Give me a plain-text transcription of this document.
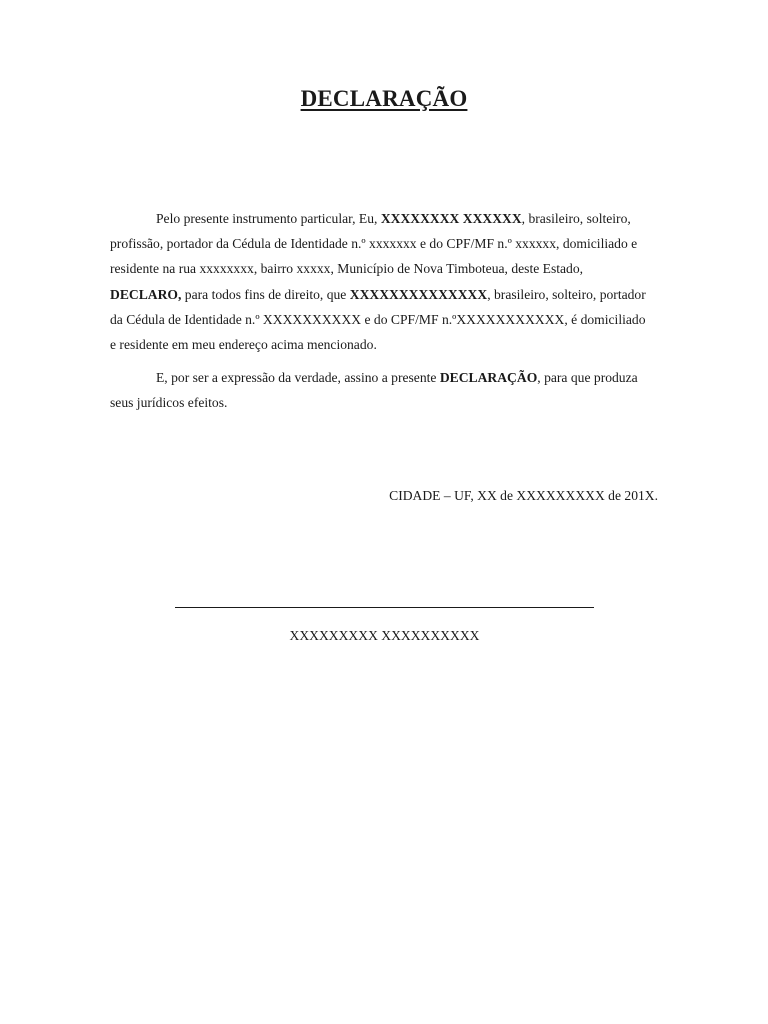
DECLARAÇÃO

Pelo presente instrumento particular, Eu, XXXXXXXX XXXXXX, brasileiro, solteiro, profissão, portador da Cédula de Identidade n.º xxxxxxx e do CPF/MF n.º xxxxxx, domiciliado e residente na rua xxxxxxxx, bairro xxxxx, Município de Nova Timboteua, deste Estado, DECLARO, para todos fins de direito, que XXXXXXXXXXXXXX, brasileiro, solteiro, portador da Cédula de Identidade n.º XXXXXXXXXX e do CPF/MF n.ºXXXXXXXXXXX, é domiciliado e residente em meu endereço acima mencionado.

E, por ser a expressão da verdade, assino a presente DECLARAÇÃO, para que produza seus jurídicos efeitos.

CIDADE – UF, XX de XXXXXXXXX de 201X.
XXXXXXXXX XXXXXXXXXX
